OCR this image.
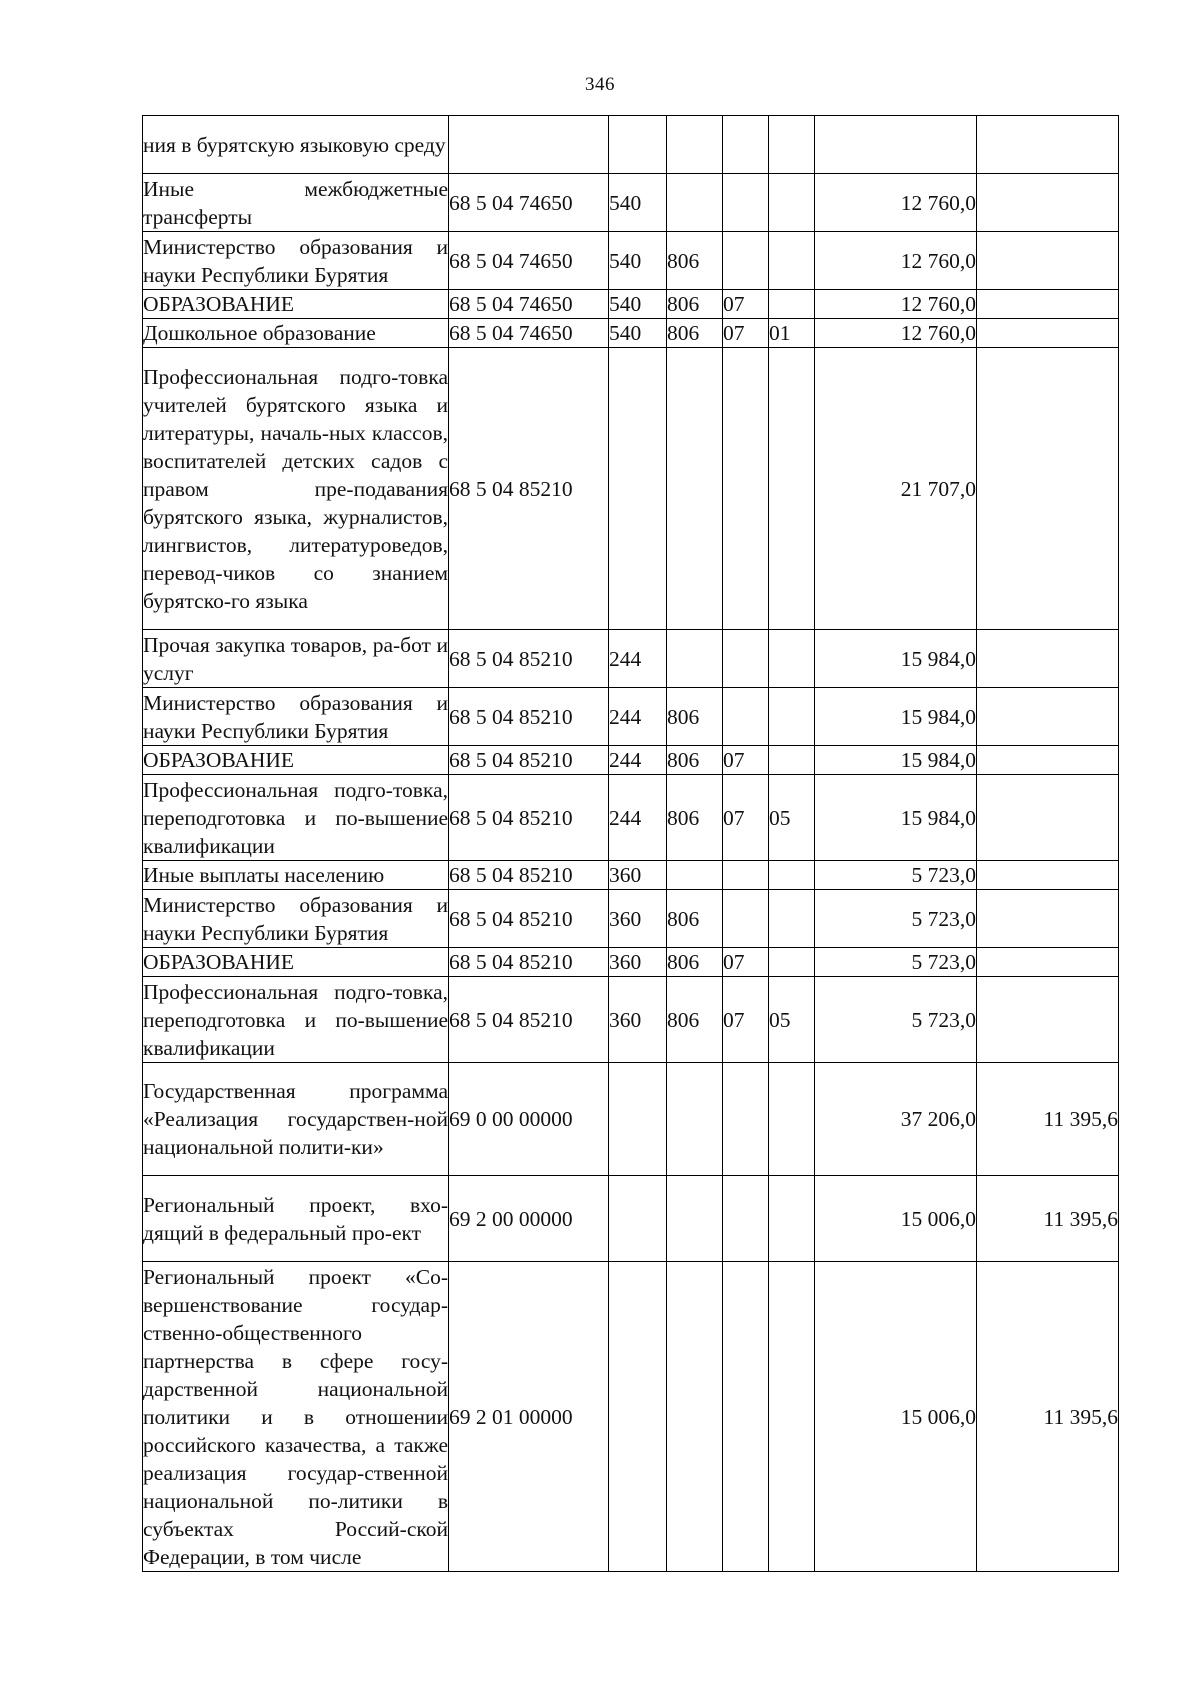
346
ния в бурятскую языковую среду							
Иные межбюджетные трансферты	68 5 04 74650	540				12 760,0	
Министерство образования и науки Республики Бурятия	68 5 04 74650	540	806			12 760,0	
ОБРАЗОВАНИЕ	68 5 04 74650	540	806	07		12 760,0	
Дошкольное образование	68 5 04 74650	540	806	07	01	12 760,0	
Профессиональная подго-товка учителей бурятского языка и литературы, началь-ных классов, воспитателей детских садов с правом пре-подавания бурятского языка, журналистов, лингвистов, литературоведов, перевод-чиков со знанием бурятско-го языка	68 5 04 85210					21 707,0	
Прочая закупка товаров, ра-бот и услуг	68 5 04 85210	244				15 984,0	
Министерство образования и науки Республики Бурятия	68 5 04 85210	244	806			15 984,0	
ОБРАЗОВАНИЕ	68 5 04 85210	244	806	07		15 984,0	
Профессиональная подго-товка, переподготовка и по-вышение квалификации	68 5 04 85210	244	806	07	05	15 984,0	
Иные выплаты населению	68 5 04 85210	360				5 723,0	
Министерство образования и науки Республики Бурятия	68 5 04 85210	360	806			5 723,0	
ОБРАЗОВАНИЕ	68 5 04 85210	360	806	07		5 723,0	
Профессиональная подго-товка, переподготовка и по-вышение квалификации	68 5 04 85210	360	806	07	05	5 723,0	
Государственная программа «Реализация государствен-ной национальной полити-ки»	69 0 00 00000					37 206,0	11 395,6
Региональный проект, вхо-дящий в федеральный про-ект	69 2 00 00000					15 006,0	11 395,6
Региональный проект «Со-вершенствование государ-ственно-общественного партнерства в сфере госу-дарственной национальной политики и в отношении российского казачества, а также реализация государ-ственной национальной по-литики в субъектах Россий-ской Федерации, в том числе	69 2 01 00000					15 006,0	11 395,6
